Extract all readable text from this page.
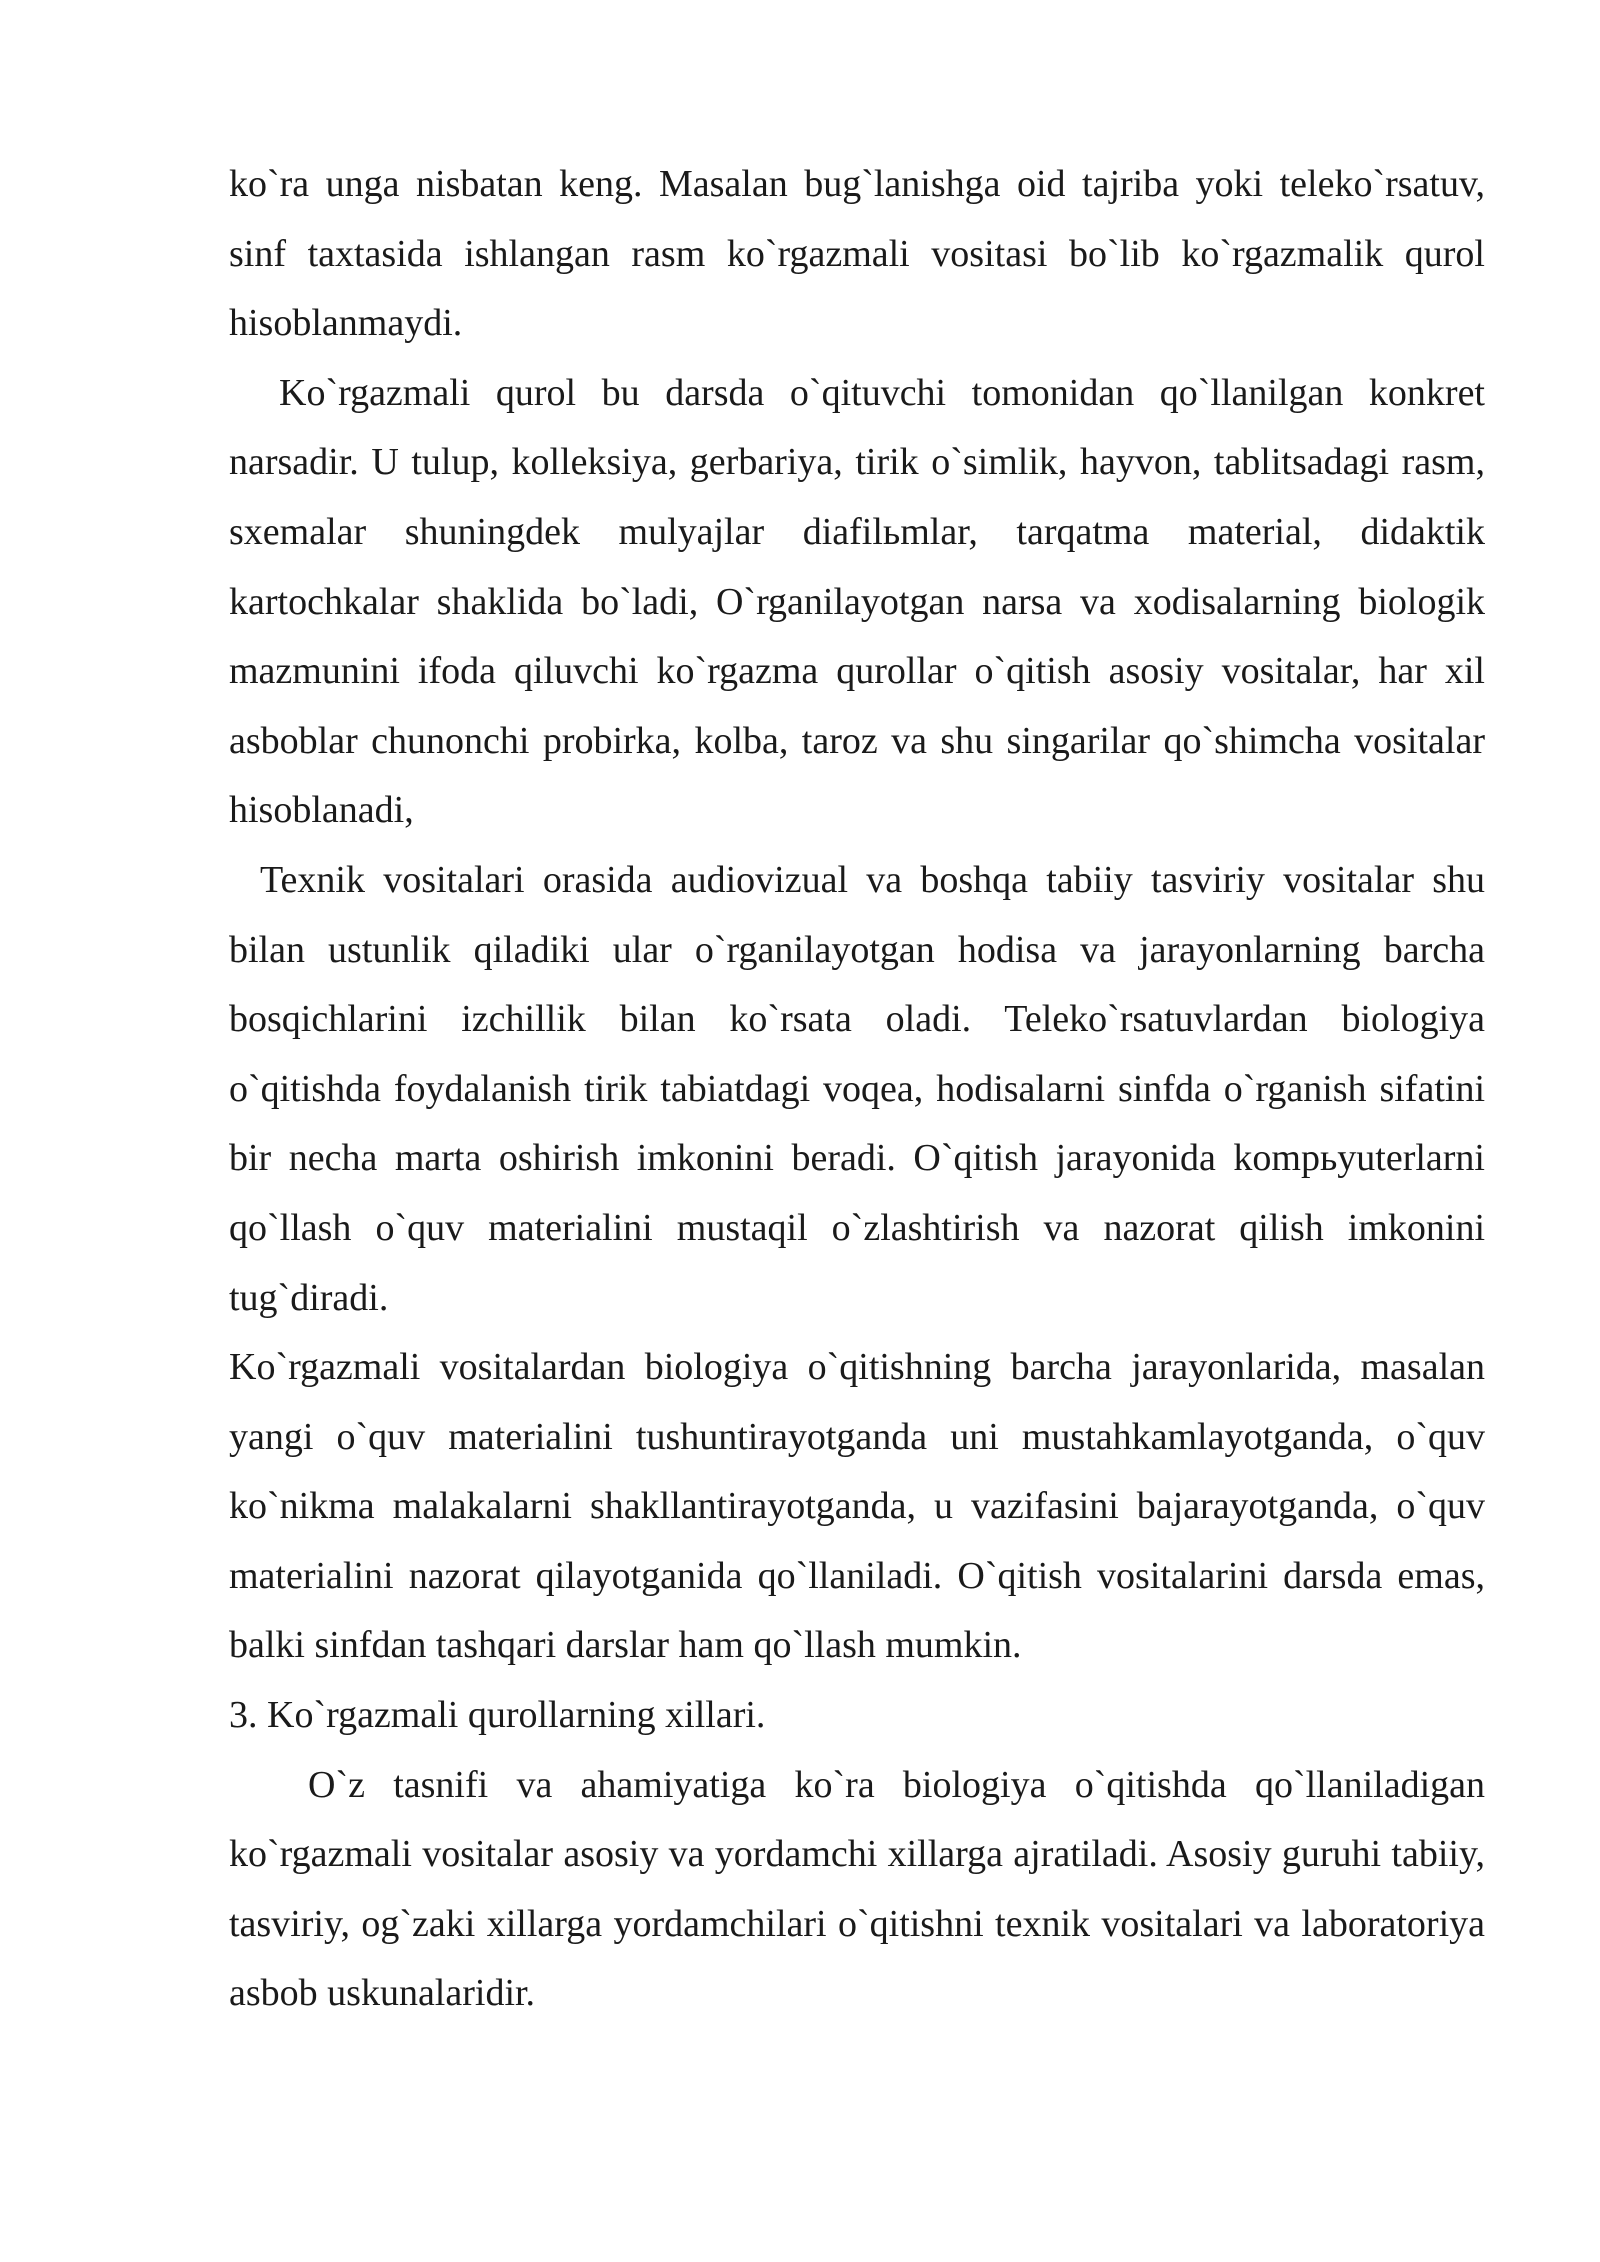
ko`ra unga nisbatan keng. Masalan bug`lanishga oid tajriba yoki teleko`rsatuv, sinf taxtasida ishlangan rasm ko`rgazmali vositasi bo`lib ko`rgazmalik qurol hisoblanmaydi.

Ko`rgazmali qurol bu darsda o`qituvchi tomonidan qo`llanilgan konkret narsadir. U tulup, kolleksiya, gerbariya, tirik o`simlik, hayvon, tablitsadagi rasm, sxemalar shuningdek mulyajlar diafilьmlar, tarqatma material, didaktik kartochkalar shaklida bo`ladi, O`rganilayotgan narsa va xodisalarning biologik mazmunini ifoda qiluvchi ko`rgazma qurollar o`qitish asosiy vositalar, har xil asboblar chunonchi probirka, kolba, taroz va shu singarilar qo`shimcha vositalar hisoblanadi,

Texnik vositalari orasida audiovizual va boshqa tabiiy tasviriy vositalar shu bilan ustunlik qiladiki ular o`rganilayotgan hodisa va jarayonlarning barcha bosqichlarini izchillik bilan ko`rsata oladi. Teleko`rsatuvlardan biologiya o`qitishda foydalanish tirik tabiatdagi voqea, hodisalarni sinfda o`rganish sifatini bir necha marta oshirish imkonini beradi. O`qitish jarayonida kompьyuterlarni qo`llash o`quv materialini mustaqil o`zlashtirish va nazorat qilish imkonini tug`diradi.

Ko`rgazmali vositalardan biologiya o`qitishning barcha jarayonlarida, masalan yangi o`quv materialini tushuntirayotganda uni mustahkamlayotganda, o`quv ko`nikma malakalarni shakllantirayotganda, u vazifasini bajarayotganda, o`quv materialini nazorat qilayotganida qo`llaniladi. O`qitish vositalarini darsda emas, balki sinfdan tashqari darslar ham qo`llash mumkin.

3. Ko`rgazmali qurollarning xillari.

O`z tasnifi va ahamiyatiga ko`ra biologiya o`qitishda qo`llaniladigan ko`rgazmali vositalar asosiy va yordamchi xillarga ajratiladi. Asosiy guruhi tabiiy, tasviriy, og`zaki xillarga yordamchilari o`qitishni texnik vositalari va laboratoriya asbob uskunalaridir.
